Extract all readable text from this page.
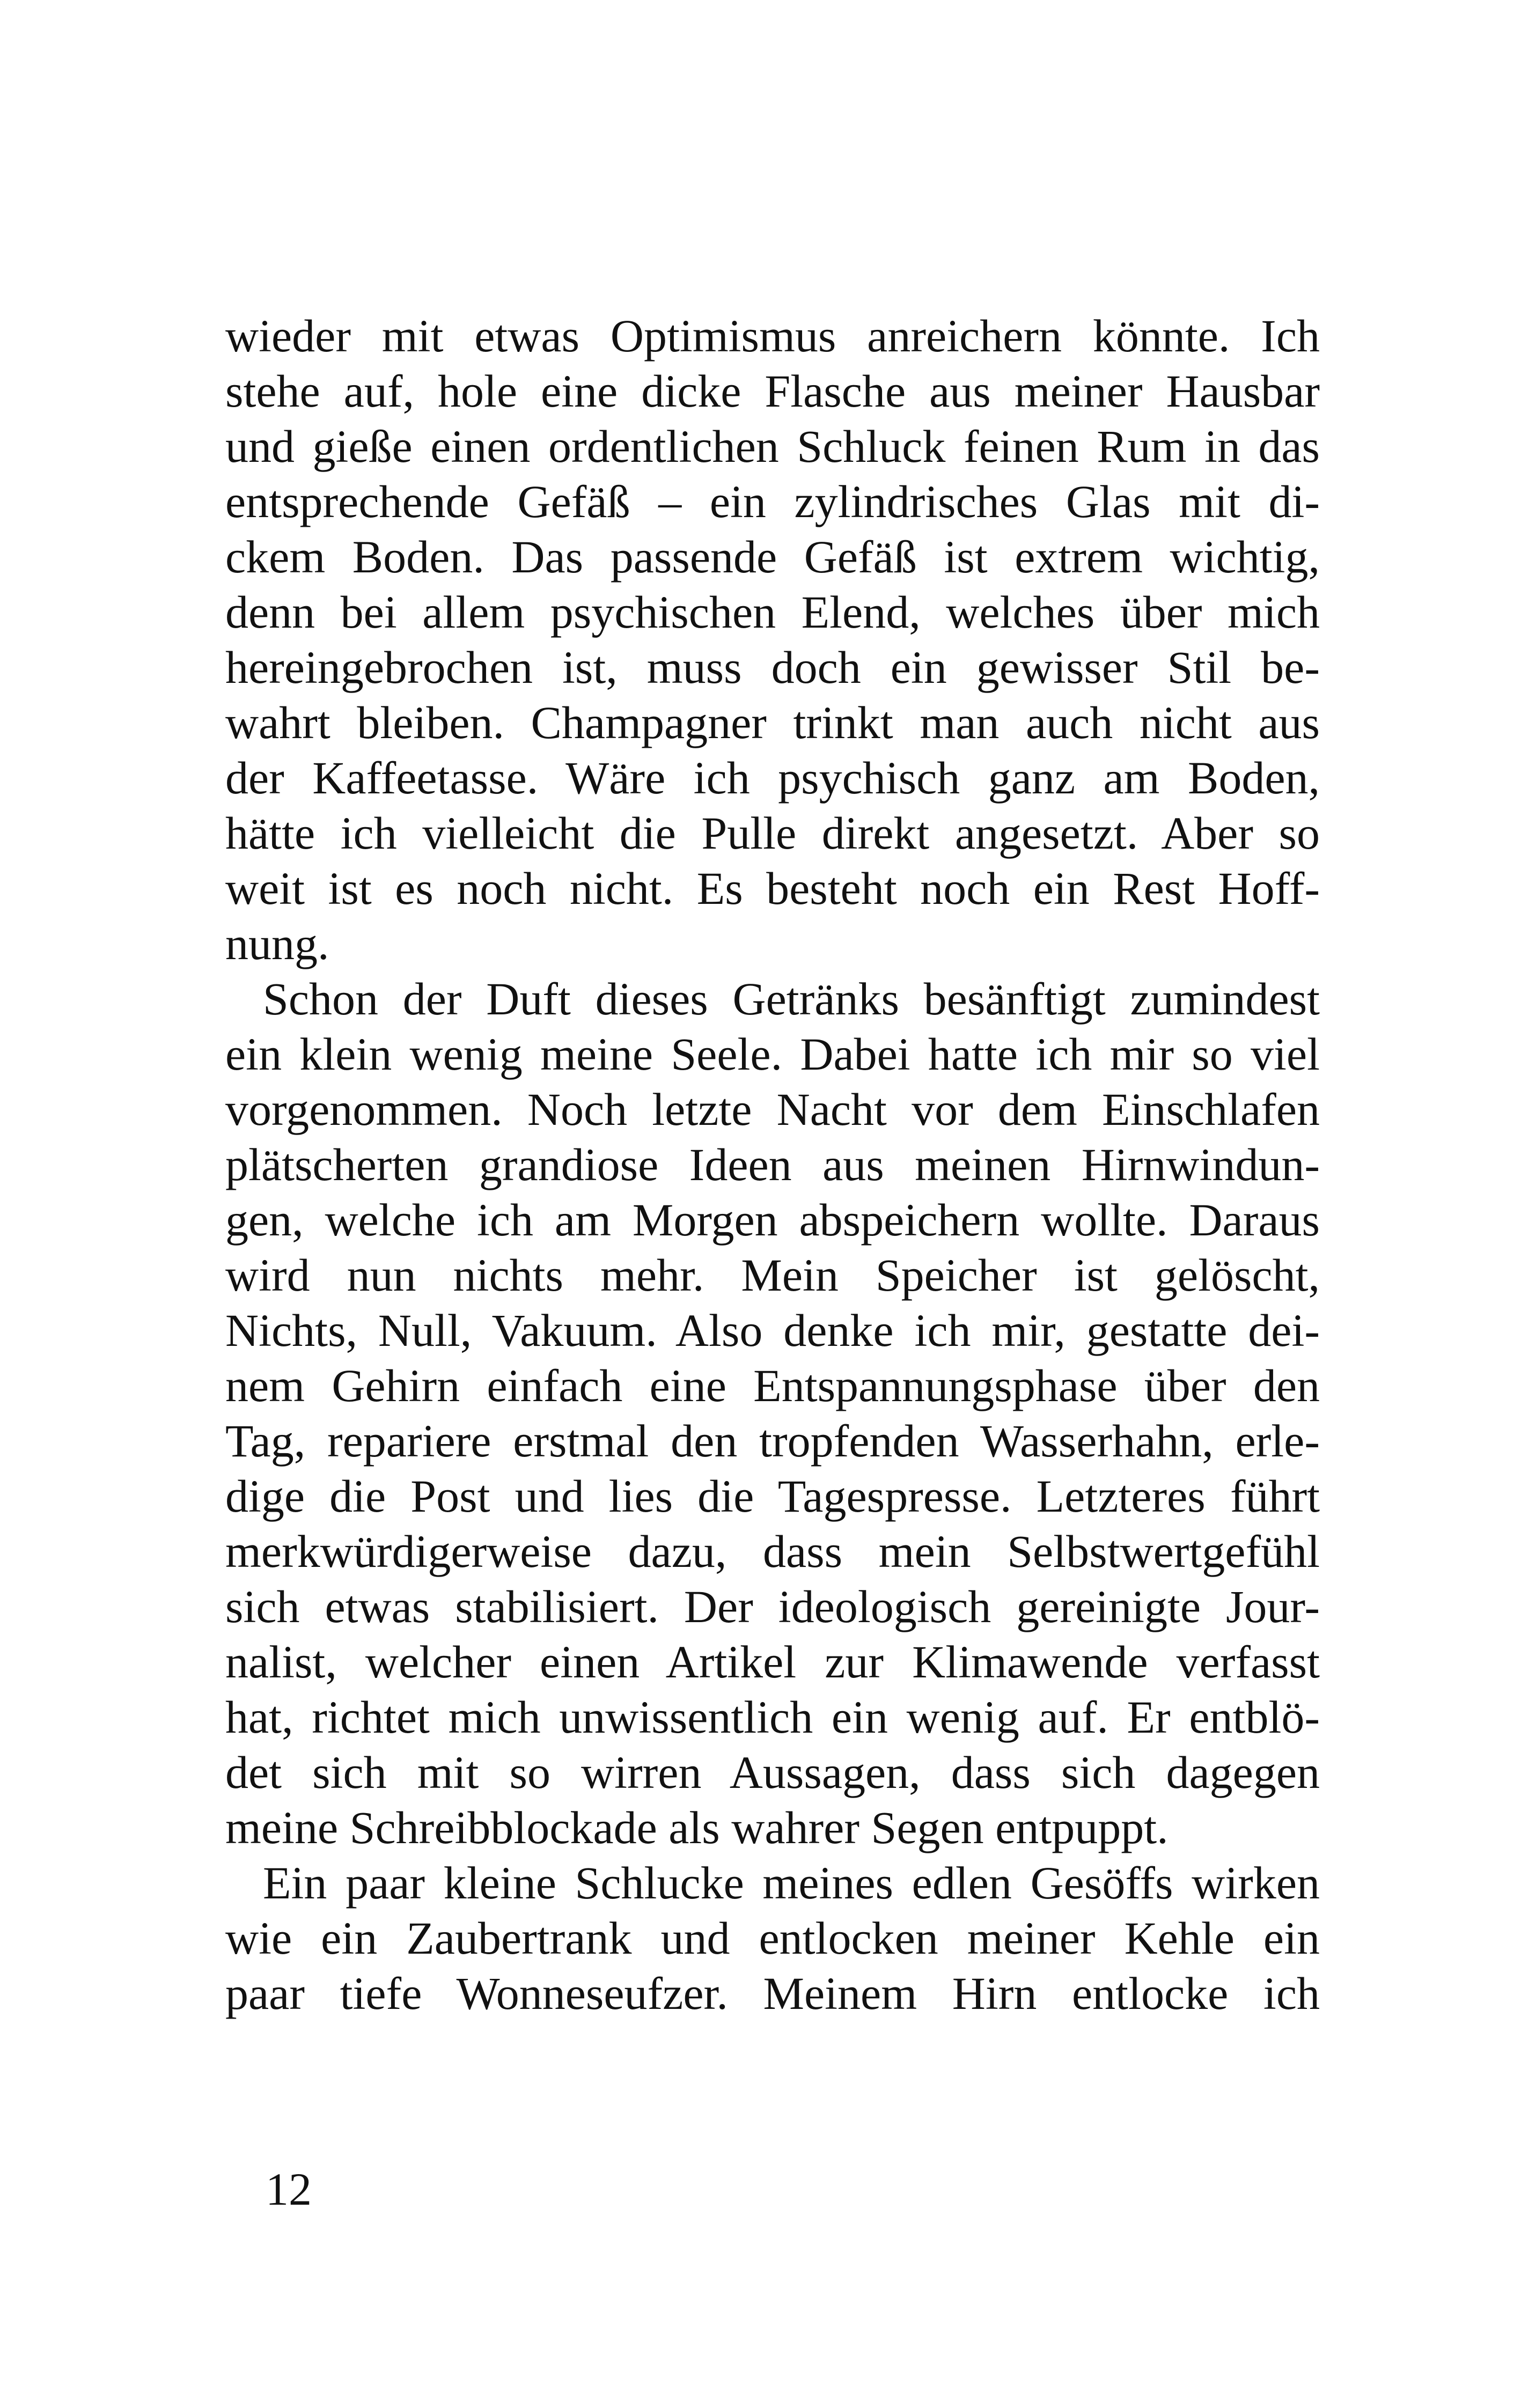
wieder mit etwas Optimismus anreichern könnte. Ich
stehe auf, hole eine dicke Flasche aus meiner Hausbar
und gieße einen ordentlichen Schluck feinen Rum in das
entsprechende Gefäß – ein zylindrisches Glas mit di-
ckem Boden. Das passende Gefäß ist extrem wichtig,
denn bei allem psychischen Elend, welches über mich
hereingebrochen ist, muss doch ein gewisser Stil be-
wahrt bleiben. Champagner trinkt man auch nicht aus
der Kaffeetasse. Wäre ich psychisch ganz am Boden,
hätte ich vielleicht die Pulle direkt angesetzt. Aber so
weit ist es noch nicht. Es besteht noch ein Rest Hoff-
nung.
Schon der Duft dieses Getränks besänftigt zumindest
ein klein wenig meine Seele. Dabei hatte ich mir so viel
vorgenommen. Noch letzte Nacht vor dem Einschlafen
plätscherten grandiose Ideen aus meinen Hirnwindun-
gen, welche ich am Morgen abspeichern wollte. Daraus
wird nun nichts mehr. Mein Speicher ist gelöscht,
Nichts, Null, Vakuum. Also denke ich mir, gestatte dei-
nem Gehirn einfach eine Entspannungsphase über den
Tag, repariere erstmal den tropfenden Wasserhahn, erle-
dige die Post und lies die Tagespresse. Letzteres führt
merkwürdigerweise dazu, dass mein Selbstwertgefühl
sich etwas stabilisiert. Der ideologisch gereinigte Jour-
nalist, welcher einen Artikel zur Klimawende verfasst
hat, richtet mich unwissentlich ein wenig auf. Er entblö-
det sich mit so wirren Aussagen, dass sich dagegen
meine Schreibblockade als wahrer Segen entpuppt.
Ein paar kleine Schlucke meines edlen Gesöffs wirken
wie ein Zaubertrank und entlocken meiner Kehle ein
paar tiefe Wonneseufzer. Meinem Hirn entlocke ich
12
